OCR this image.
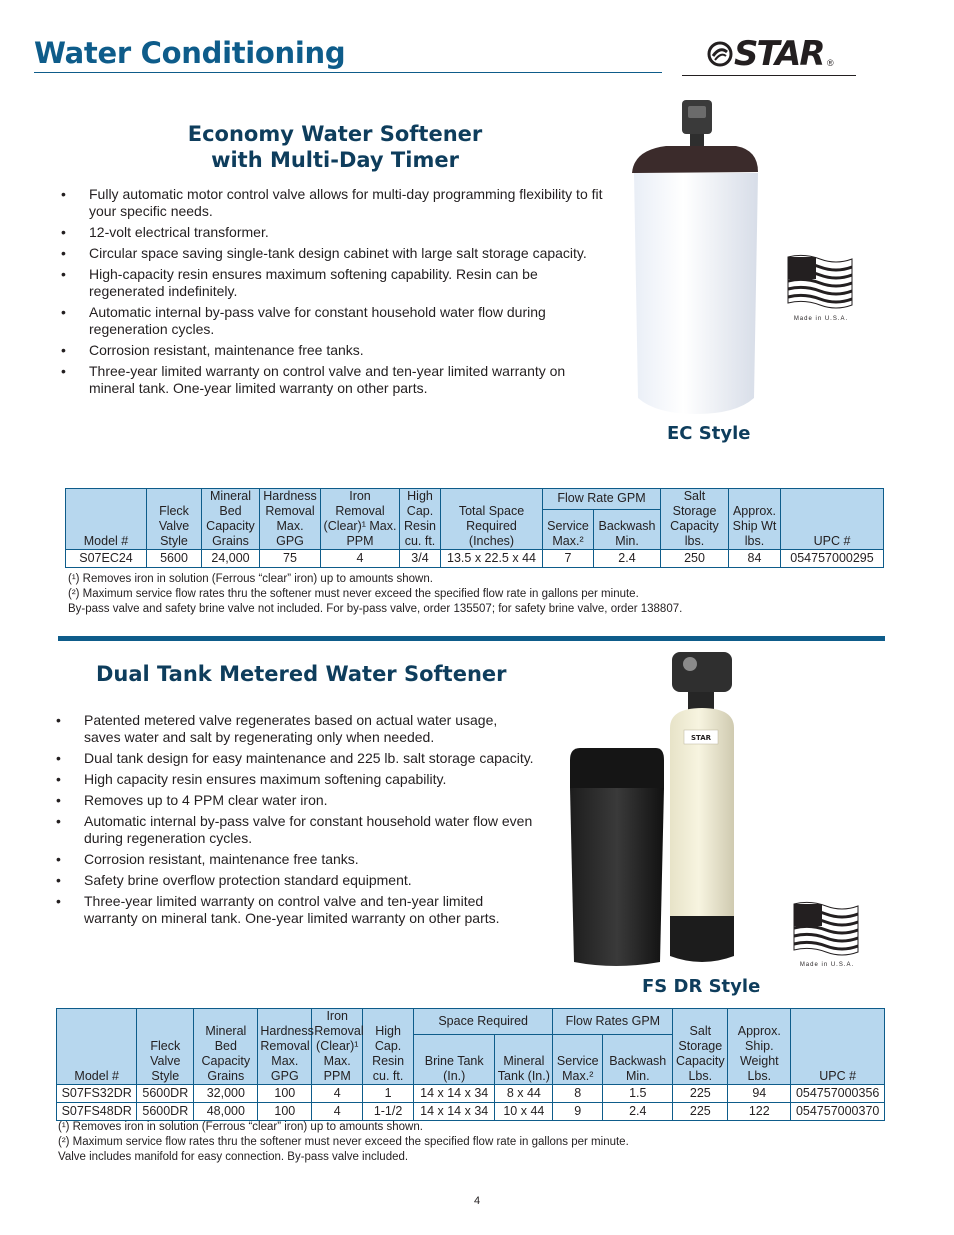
Water Conditioning	STAR ®
Economy Water Softener
with Multi-Day Timer
• Fully automatic motor control valve allows for multi-day programming flexibility to fit your specific needs.
• 12-volt electrical transformer.
• Circular space saving single-tank design cabinet with large salt storage capacity.
• High-capacity resin ensures maximum softening capability. Resin can be regenerated indefinitely.
• Automatic internal by-pass valve for constant household water flow during regeneration cycles.
• Corrosion resistant, maintenance free tanks.
• Three-year limited warranty on control valve and ten-year limited warranty on mineral tank. One-year limited warranty on other parts.
Made in U.S.A.
EC Style
Model #	Fleck Valve Style	Mineral Bed Capacity Grains	Hardness Removal Max. GPG	Iron Removal (Clear)¹ Max. PPM	High Cap. Resin cu. ft.	Total Space Required (Inches)	Flow Rate GPM		Salt Storage Capacity lbs.	Approx. Ship Wt lbs.	UPC #
							Service Max.²	Backwash Min.			
S07EC24	5600	24,000	75	4	3/4	13.5 x 22.5 x 44	7	2.4	250	84	054757000295
(¹) Removes iron in solution (Ferrous “clear” iron) up to amounts shown.
(²) Maximum service flow rates thru the softener must never exceed the specified flow rate in gallons per minute.
By-pass valve and safety brine valve not included. For by-pass valve, order 135507; for safety brine valve, order 138807.
Dual Tank Metered Water Softener
• Patented metered valve regenerates based on actual water usage, saves water and salt by regenerating only when needed.
• Dual tank design for easy maintenance and 225 lb. salt storage capacity.
• High capacity resin ensures maximum softening capability.
• Removes up to 4 PPM clear water iron.
• Automatic internal by-pass valve for constant household water flow even during regeneration cycles.
• Corrosion resistant, maintenance free tanks.
• Safety brine overflow protection standard equipment.
• Three-year limited warranty on control valve and ten-year limited warranty on mineral tank. One-year limited warranty on other parts.
STAR
Made in U.S.A.
FS DR Style
Model #	Fleck Valve Style	Mineral Bed Capacity Grains	Hardness Removal Max. GPG	Iron Removal (Clear)¹ Max. PPM	High Cap. Resin cu. ft.	Space Required		Flow Rates GPM		Salt Storage Capacity Lbs.	Approx. Ship. Weight Lbs.	UPC #
						Brine Tank (In.)	Mineral Tank (In.)	Service Max.²	Backwash Min.			
S07FS32DR	5600DR	32,000	100	4	1	14 x 14 x 34	8 x 44	8	1.5	225	94	054757000356
S07FS48DR	5600DR	48,000	100	4	1-1/2	14 x 14 x 34	10 x 44	9	2.4	225	122	054757000370
(¹) Removes iron in solution (Ferrous “clear” iron) up to amounts shown.
(²) Maximum service flow rates thru the softener must never exceed the specified flow rate in gallons per minute.
Valve includes manifold for easy connection. By-pass valve included.
4
